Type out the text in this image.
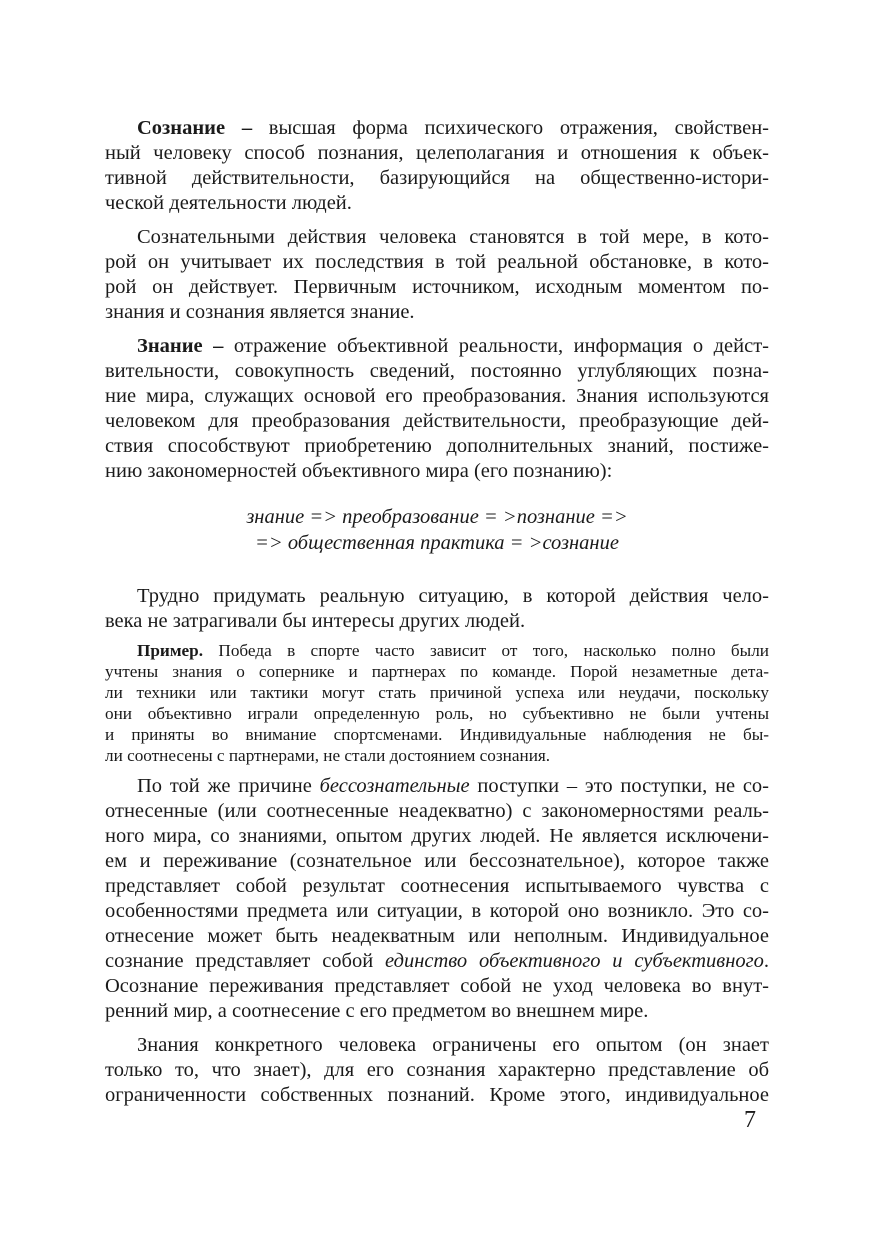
Сознание – высшая форма психического отражения, свойствен-
ный человеку способ познания, целеполагания и отношения к объек-
тивной действительности, базирующийся на общественно-истори-
ческой деятельности людей.
Сознательными действия человека становятся в той мере, в кото-
рой он учитывает их последствия в той реальной обстановке, в кото-
рой он действует. Первичным источником, исходным моментом по-
знания и сознания является знание.
Знание – отражение объективной реальности, информация о дейст-
вительности, совокупность сведений, постоянно углубляющих позна-
ние мира, служащих основой его преобразования. Знания используются
человеком для преобразования действительности, преобразующие дей-
ствия способствуют приобретению дополнительных знаний, постиже-
нию закономерностей объективного мира (его познанию):
знание => преобразование = >познание =>
=> общественная практика = >сознание
Трудно придумать реальную ситуацию, в которой действия чело-
века не затрагивали бы интересы других людей.
Пример. Победа в спорте часто зависит от того, насколько полно были
учтены знания о сопернике и партнерах по команде. Порой незаметные дета-
ли техники или тактики могут стать причиной успеха или неудачи, поскольку
они объективно играли определенную роль, но субъективно не были учтены
и приняты во внимание спортсменами. Индивидуальные наблюдения не бы-
ли соотнесены с партнерами, не стали достоянием сознания.
По той же причине бессознательные поступки – это поступки, не со-
отнесенные (или соотнесенные неадекватно) с закономерностями реаль-
ного мира, со знаниями, опытом других людей. Не является исключени-
ем и переживание (сознательное или бессознательное), которое также
представляет собой результат соотнесения испытываемого чувства с
особенностями предмета или ситуации, в которой оно возникло. Это со-
отнесение может быть неадекватным или неполным. Индивидуальное
сознание представляет собой единство объективного и субъективного.
Осознание переживания представляет собой не уход человека во внут-
ренний мир, а соотнесение с его предметом во внешнем мире.
Знания конкретного человека ограничены его опытом (он знает
только то, что знает), для его сознания характерно представление об
ограниченности собственных познаний. Кроме этого, индивидуальное
7
